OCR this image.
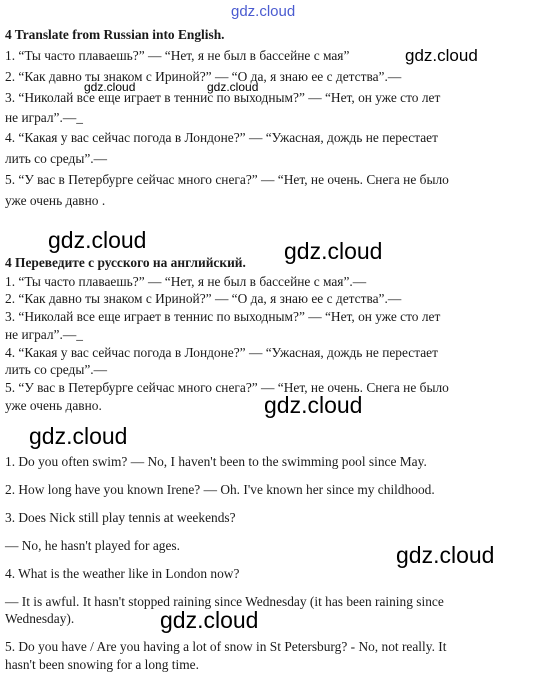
gdz.cloud
gdz.cloud
gdz.cloud	gdz.cloud
gdz.cloud	gdz.cloud
gdz.cloud
gdz.cloud
gdz.cloud
gdz.cloud
4 Translate from Russian into English.
1. “Ты часто плаваешь?” — “Нет, я не был в бассейне с мая”
2. “Как давно ты знаком с Ириной?” — “О да, я знаю ее с детства”.—
3. “Николай все еще играет в теннис по выходным?” — “Нет, он уже сто лет
не играл”.—_
4. “Какая у вас сейчас погода в Лондоне?” — “Ужасная, дождь не перестает
лить со среды”.—
5. “У вас в Петербурге сейчас много снега?” — “Нет, не очень. Снега не было
уже очень давно .
4 Переведите с русского на английский.
1. “Ты часто плаваешь?” — “Нет, я не был в бассейне с мая”.—
2. “Как давно ты знаком с Ириной?” — “О да, я знаю ее с детства”.—
3. “Николай все еще играет в теннис по выходным?” — “Нет, он уже сто лет
не играл”.—_
4. “Какая у вас сейчас погода в Лондоне?” — “Ужасная, дождь не перестает
лить со среды”.—
5. “У вас в Петербурге сейчас много снега?” — “Нет, не очень. Снега не было
уже очень давно.
1. Do you often swim? — No, I haven't been to the swimming pool since May.
2. How long have you known Irene? — Oh. I've known her since my childhood.
3. Does Nick still play tennis at weekends?
— No, he hasn't played for ages.
4. What is the weather like in London now?
— It is awful. It hasn't stopped raining since Wednesday (it has been raining since
Wednesday).
5. Do you have / Are you having a lot of snow in St Petersburg? - No, not really. It
hasn't been snowing for a long time.
